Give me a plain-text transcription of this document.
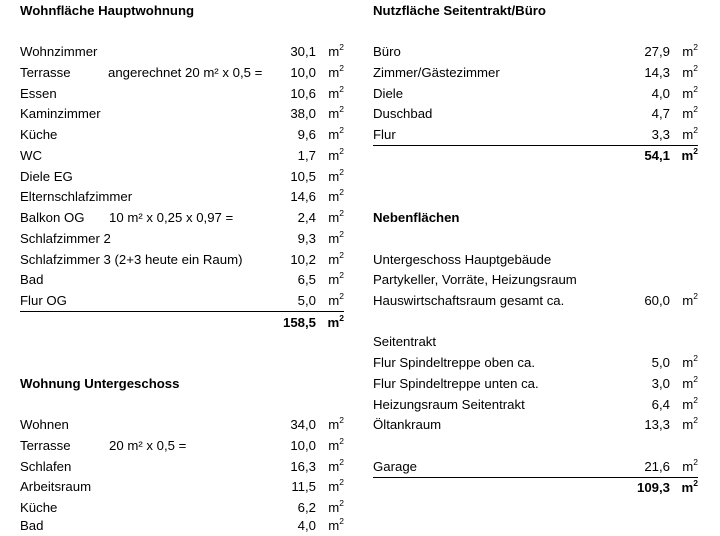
Wohnfläche Hauptwohnung
Wohnzimmer	30,1 $m^2$
Terrasse	angerechnet 20 m² x 0,5 = 10,0 $m^2$
Essen	10,6 $m^2$
Kaminzimmer	38,0 $m^2$
Küche	9,6 $m^2$
WC	1,7 $m^2$
Diele EG	10,5 $m^2$
Elternschlafzimmer	14,6 $m^2$
Balkon OG 10 m² x 0,25 x 0,97 =	2,4 $m^2$
Schlafzimmer 2	9,3 $m^2$
Schlafzimmer 3 (2+3 heute ein Raum)	10,2 $m^2$
Bad	6,5 $m^2$
Flur OG	5,0 $m^2$
158,5 $m^2$
Wohnung Untergeschoss
Wohnen	34,0 $m^2$
Terrasse	20 m² x 0,5 =	10,0 $m^2$
Schlafen	16,3 $m^2$
Arbeitsraum	11,5 $m^2$
Küche	6,2 $m^2$
Bad	4,0 $m^2$
Nutzfläche Seitentrakt/Büro
Büro	27,9 $m^2$
Zimmer/Gästezimmer	14,3 $m^2$
Diele	4,0 $m^2$
Duschbad	4,7 $m^2$
Flur	3,3 $m^2$
54,1 $m^2$
Nebenflächen
Untergeschoss Hauptgebäude
Partykeller, Vorräte, Heizungsraum
Hauswirtschaftsraum gesamt ca.	60,0 $m^2$
Seitentrakt
Flur Spindeltreppe oben ca.	5,0 $m^2$
Flur Spindeltreppe unten ca.	3,0 $m^2$
Heizungsraum Seitentrakt	6,4 $m^2$
Öltankraum	13,3 $m^2$
Garage	21,6 $m^2$
109,3 $m^2$
